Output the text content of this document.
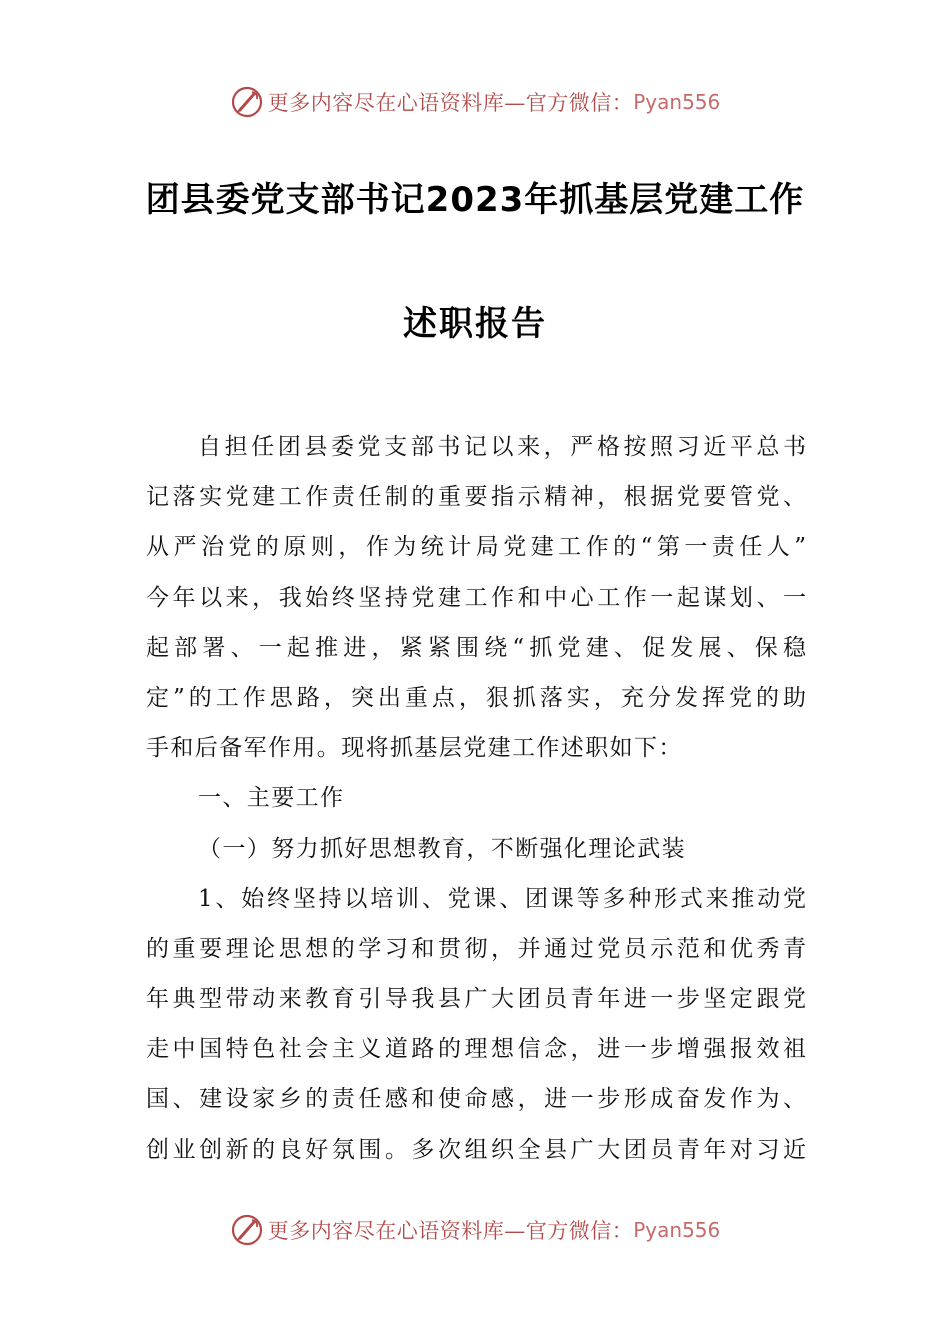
更多内容尽在心语资料库—官方微信： Pyan556
团县委党支部书记2023年抓基层党建工作
述职报告
自担任团县委党支部书记以来，严格按照习近平总书
记落实党建工作责任制的重要指示精神，根据党要管党、
从严治党的原则，作为统计局党建工作的“第一责任人”
今年以来，我始终坚持党建工作和中心工作一起谋划、一
起部署、一起推进，紧紧围绕“抓党建、促发展、保稳
定”的工作思路，突出重点，狠抓落实，充分发挥党的助
手和后备军作用。现将抓基层党建工作述职如下：
一、主要工作
（一）努力抓好思想教育，不断强化理论武装
1、始终坚持以培训、党课、团课等多种形式来推动党
的重要理论思想的学习和贯彻，并通过党员示范和优秀青
年典型带动来教育引导我县广大团员青年进一步坚定跟党
走中国特色社会主义道路的理想信念，进一步增强报效祖
国、建设家乡的责任感和使命感，进一步形成奋发作为、
创业创新的良好氛围。多次组织全县广大团员青年对习近
更多内容尽在心语资料库—官方微信： Pyan556
